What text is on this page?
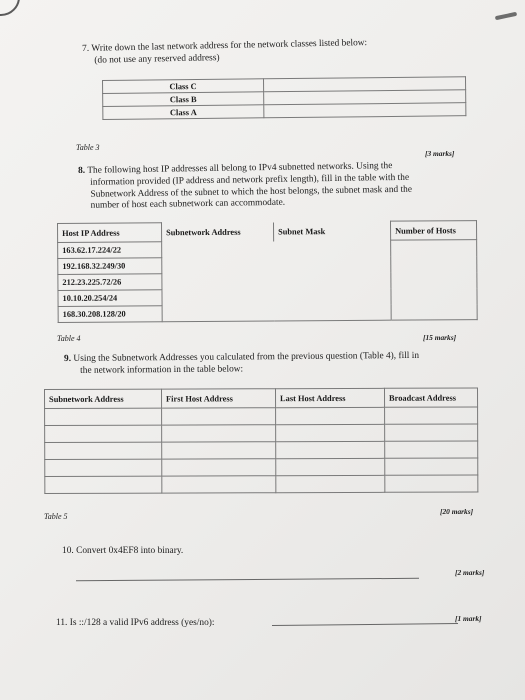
7. Write down the last network address for the network classes listed below:
(do not use any reserved address)
Class C	
Class B	
Class A	
Table 3
[3 marks]
8. The following host IP addresses all belong to IPv4 subnetted networks. Using the
information provided (IP address and network prefix length), fill in the table with the
Subnetwork Address of the subnet to which the host belongs, the subnet mask and the
number of host each subnetwork can accommodate.
Host IP Address	Subnetwork Address	Subnet Mask	Number of Hosts
163.62.17.224/22			
192.168.32.249/30			
212.23.225.72/26			
10.10.20.254/24			
168.30.208.128/20			
Table 4	[15 marks]
9. Using the Subnetwork Addresses you calculated from the previous question (Table 4), fill in
the network information in the table below:
Subnetwork Address	First Host Address	Last Host Address	Broadcast Address

[20 marks]
Table 5
10. Convert 0x4EF8 into binary.
[2 marks]
11. Is ::/128 a valid IPv6 address (yes/no):	[1 mark]
